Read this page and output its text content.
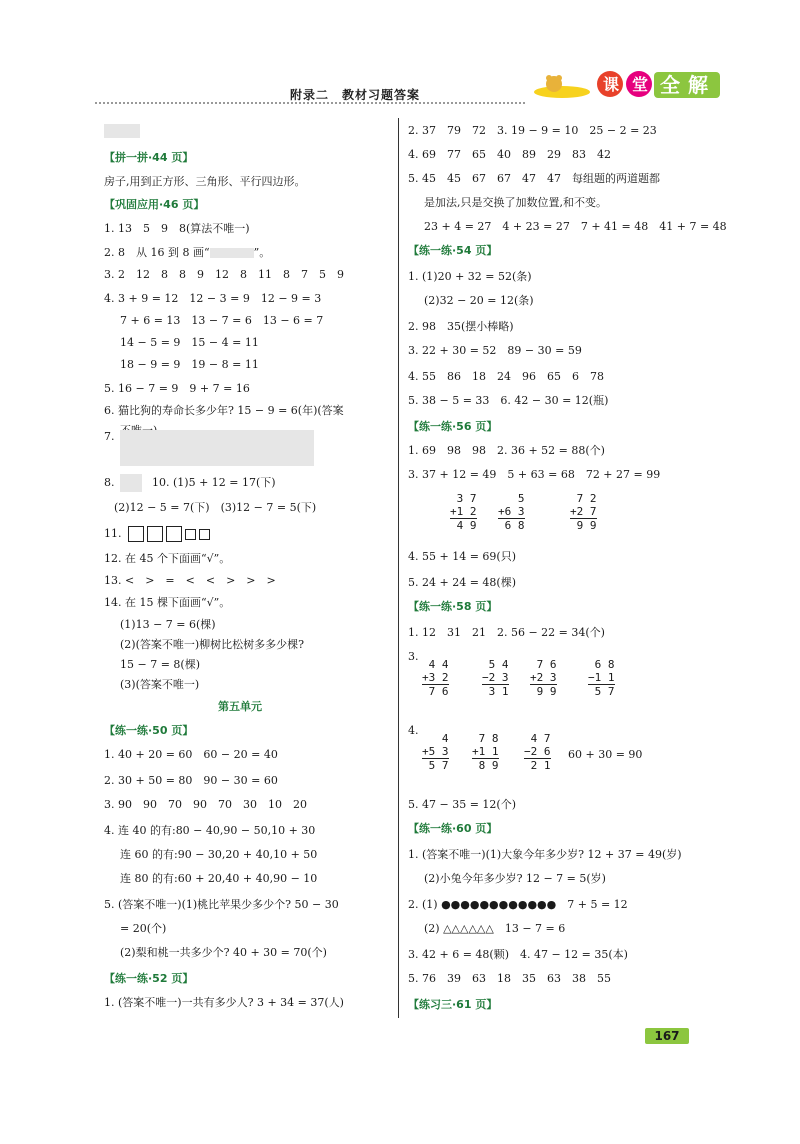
附录二　教材习题答案
课 堂 全 解
【拼一拼·44 页】
房子,用到正方形、三角形、平行四边形。
【巩固应用·46 页】
1. 13　5　9　8(算法不唯一)
2. 8　从 16 到 8 画“	”。
3. 2　12　8　8　9　12　8　11　8　7　5　9
4. 3 + 9 = 12　12 − 3 = 9　12 − 9 = 3
7 + 6 = 13　13 − 7 = 6　13 − 6 = 7
14 − 5 = 9　15 − 4 = 11
18 − 9 = 9　19 − 8 = 11
5. 16 − 7 = 9　9 + 7 = 16
6. 猫比狗的寿命长多少年? 15 − 9 = 6(年)(答案
7.
8.	10. (1)5 + 12 = 17(下)
(2)12 − 5 = 7(下)　(3)12 − 7 = 5(下)
11.
12. 在 45 个下面画“√”。
13. <　>　=　<　<　>　>　>
14. 在 15 棵下面画“√”。
(1)13 − 7 = 6(棵)
(2)(答案不唯一)柳树比松树多多少棵?
15 − 7 = 8(棵)
(3)(答案不唯一)
第五单元
【练一练·50 页】
1. 40 + 20 = 60　60 − 20 = 40
2. 30 + 50 = 80　90 − 30 = 60
3. 90　90　70　90　70　30　10　20
4. 连 40 的有:80 − 40,90 − 50,10 + 30
连 60 的有:90 − 30,20 + 40,10 + 50
连 80 的有:60 + 20,40 + 40,90 − 10
5. (答案不唯一)(1)桃比苹果少多少个? 50 − 30
= 20(个)
(2)梨和桃一共多少个? 40 + 30 = 70(个)
【练一练·52 页】
1. (答案不唯一)一共有多少人? 3 + 34 = 37(人)
2. 37　79　72　3. 19 − 9 = 10　25 − 2 = 23
4. 69　77　65　40　89　29　83　42
5. 45　45　67　67　47　47　每组题的两道题都
是加法,只是交换了加数位置,和不变。
23 + 4 = 27　4 + 23 = 27　7 + 41 = 48　41 + 7 = 48
【练一练·54 页】
1. (1)20 + 32 = 52(条)
(2)32 − 20 = 12(条)
2. 98　35(摆小棒略)
3. 22 + 30 = 52　89 − 30 = 59
4. 55　86　18　24　96　65　6　78
5. 38 − 5 = 33　6. 42 − 30 = 12(瓶)
【练一练·56 页】
1. 69　98　98　2. 36 + 52 = 88(个)
3. 37 + 12 = 49　5 + 63 = 68　72 + 27 = 99
3 7
+1 2
4 9
5
+6 3
6 8
7 2
+2 7
9 9
4. 55 + 14 = 69(只)
5. 24 + 24 = 48(棵)
【练一练·58 页】
1. 12　31　21　2. 56 − 22 = 34(个)
3.
4 4
+3 2
7 6
5 4
−2 3
3 1
7 6
+2 3
9 9
6 8
−1 1
5 7
4.
4
+5 3
5 7
7 8
+1 1
8 9
4 7
−2 6
2 1
60 + 30 = 90
5. 47 − 35 = 12(个)
【练一练·60 页】
1. (答案不唯一)(1)大象今年多少岁? 12 + 37 = 49(岁)
(2)小兔今年多少岁? 12 − 7 = 5(岁)
2. (1) ●●●●●●●●●●●●　7 + 5 = 12
(2) △△△△△△　13 − 7 = 6
3. 42 + 6 = 48(颗)　4. 47 − 12 = 35(本)
5. 76　39　63　18　35　63　38　55
【练习三·61 页】
167
